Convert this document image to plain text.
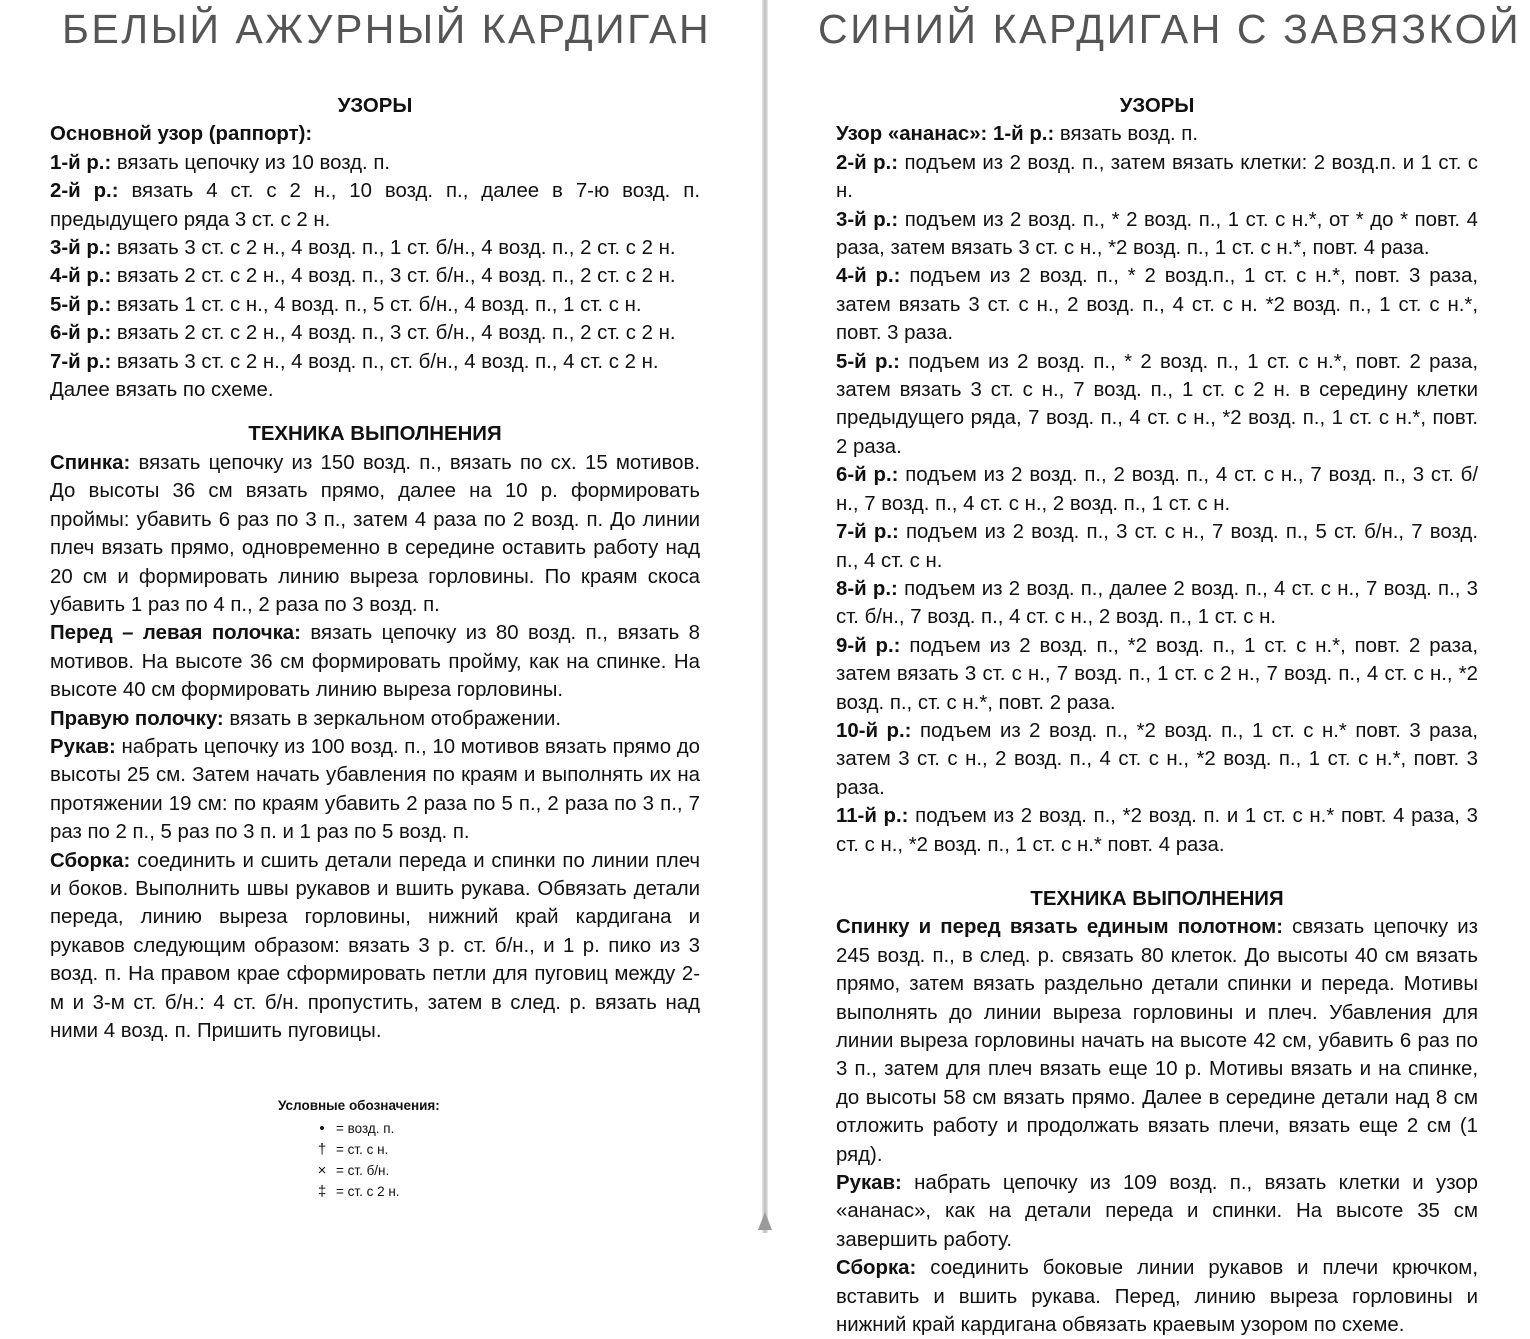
БЕЛЫЙ АЖУРНЫЙ КАРДИГАН

УЗОРЫ

Основной узор (раппорт):

1-й р.: вязать цепочку из 10 возд. п.

2-й р.: вязать 4 ст. с 2 н., 10 возд. п., далее в 7-ю возд. п. предыдущего ряда 3 ст. с 2 н.

3-й р.: вязать 3 ст. с 2 н., 4 возд. п., 1 ст. б/н., 4 возд. п., 2 ст. с 2 н.

4-й р.: вязать 2 ст. с 2 н., 4 возд. п., 3 ст. б/н., 4 возд. п., 2 ст. с 2 н.

5-й р.: вязать 1 ст. с н., 4 возд. п., 5 ст. б/н., 4 возд. п., 1 ст. с н.

6-й р.: вязать 2 ст. с 2 н., 4 возд. п., 3 ст. б/н., 4 возд. п., 2 ст. с 2 н.

7-й р.: вязать 3 ст. с 2 н., 4 возд. п., ст. б/н., 4 возд. п., 4 ст. с 2 н.

Далее вязать по схеме.

ТЕХНИКА ВЫПОЛНЕНИЯ

Спинка: вязать цепочку из 150 возд. п., вязать по сх. 15 мотивов. До высоты 36 см вязать прямо, далее на 10 р. формировать проймы: убавить 6 раз по 3 п., затем 4 раза по 2 возд. п. До линии плеч вязать прямо, одновременно в середине оставить работу над 20 см и формировать линию выреза горловины. По краям скоса убавить 1 раз по 4 п., 2 раза по 3 возд. п.

Перед – левая полочка: вязать цепочку из 80 возд. п., вязать 8 мотивов. На высоте 36 см формировать пройму, как на спинке. На высоте 40 см формировать линию выреза горловины.

Правую полочку: вязать в зеркальном отображении.

Рукав: набрать цепочку из 100 возд. п., 10 мотивов вязать прямо до высоты 25 см. Затем начать убавления по краям и выполнять их на протяжении 19 см: по краям убавить 2 раза по 5 п., 2 раза по 3 п., 7 раз по 2 п., 5 раз по 3 п. и 1 раз по 5 возд. п.

Сборка: соединить и сшить детали переда и спинки по линии плеч и боков. Выполнить швы рукавов и вшить рукава. Обвязать детали переда, линию выреза горловины, нижний край кардигана и рукавов следующим образом: вязать 3 р. ст. б/н., и 1 р. пико из 3 возд. п. На правом крае сформировать петли для пуговиц между 2-м и 3-м ст. б/н.: 4 ст. б/н. пропустить, затем в след. р. вязать над ними 4 возд. п. Пришить пуговицы.

Условные обозначения:

• = возд. п.
† = ст. с н.
× = ст. б/н.
‡ = ст. с 2 н.
СИНИЙ КАРДИГАН С ЗАВЯЗКОЙ

УЗОРЫ

Узор «ананас»: 1-й р.: вязать возд. п.

2-й р.: подъем из 2 возд. п., затем вязать клетки: 2 возд.п. и 1 ст. с н.

3-й р.: подъем из 2 возд. п., * 2 возд. п., 1 ст. с н.*, от * до * повт. 4 раза, затем вязать 3 ст. с н., *2 возд. п., 1 ст. с н.*, повт. 4 раза.

4-й р.: подъем из 2 возд. п., * 2 возд.п., 1 ст. с н.*, повт. 3 раза, затем вязать 3 ст. с н., 2 возд. п., 4 ст. с н. *2 возд. п., 1 ст. с н.*, повт. 3 раза.

5-й р.: подъем из 2 возд. п., * 2 возд. п., 1 ст. с н.*, повт. 2 раза, затем вязать 3 ст. с н., 7 возд. п., 1 ст. с 2 н. в середину клетки предыдущего ряда, 7 возд. п., 4 ст. с н., *2 возд. п., 1 ст. с н.*, повт. 2 раза.

6-й р.: подъем из 2 возд. п., 2 возд. п., 4 ст. с н., 7 возд. п., 3 ст. б/н., 7 возд. п., 4 ст. с н., 2 возд. п., 1 ст. с н.

7-й р.: подъем из 2 возд. п., 3 ст. с н., 7 возд. п., 5 ст. б/н., 7 возд. п., 4 ст. с н.

8-й р.: подъем из 2 возд. п., далее 2 возд. п., 4 ст. с н., 7 возд. п., 3 ст. б/н., 7 возд. п., 4 ст. с н., 2 возд. п., 1 ст. с н.

9-й р.: подъем из 2 возд. п., *2 возд. п., 1 ст. с н.*, повт. 2 раза, затем вязать 3 ст. с н., 7 возд. п., 1 ст. с 2 н., 7 возд. п., 4 ст. с н., *2 возд. п., ст. с н.*, повт. 2 раза.

10-й р.: подъем из 2 возд. п., *2 возд. п., 1 ст. с н.* повт. 3 раза, затем 3 ст. с н., 2 возд. п., 4 ст. с н., *2 возд. п., 1 ст. с н.*, повт. 3 раза.

11-й р.: подъем из 2 возд. п., *2 возд. п. и 1 ст. с н.* повт. 4 раза, 3 ст. с н., *2 возд. п., 1 ст. с н.* повт. 4 раза.

ТЕХНИКА ВЫПОЛНЕНИЯ

Спинку и перед вязать единым полотном: связать цепочку из 245 возд. п., в след. р. связать 80 клеток. До высоты 40 см вязать прямо, затем вязать раздельно детали спинки и переда. Мотивы выполнять до линии выреза горловины и плеч. Убавления для линии выреза горловины начать на высоте 42 см, убавить 6 раз по 3 п., затем для плеч вязать еще 10 р. Мотивы вязать и на спинке, до высоты 58 см вязать прямо. Далее в середине детали над 8 см отложить работу и продолжать вязать плечи, вязать еще 2 см (1 ряд).

Рукав: набрать цепочку из 109 возд. п., вязать клетки и узор «ананас», как на детали переда и спинки. На высоте 35 см завершить работу.

Сборка: соединить боковые линии рукавов и плечи крючком, вставить и вшить рукава. Перед, линию выреза горловины и нижний край кардигана обвязать краевым узором по схеме.
